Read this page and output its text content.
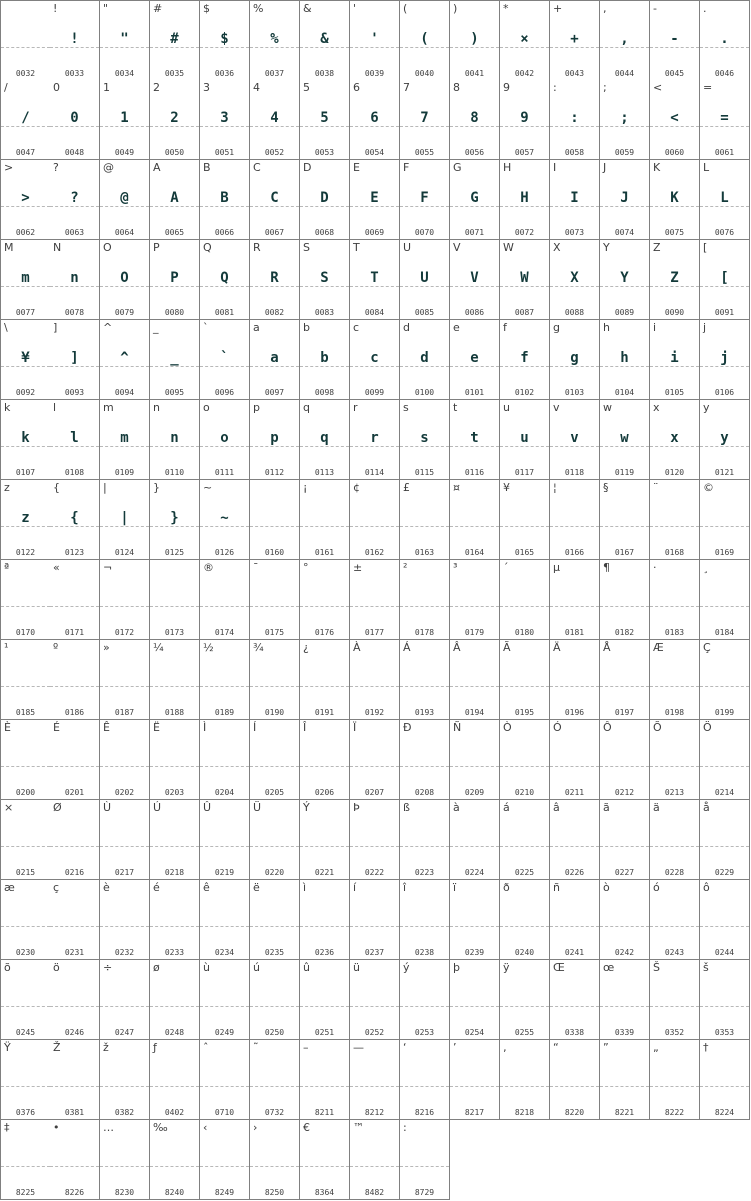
0032
!
!
0033
"
"
0034
#
#
0035
$
$
0036
%
%
0037
&
&
0038
'
'
0039
(
(
0040
)
)
0041
*
×
0042
+
+
0043
,
,
0044
-
-
0045
.
.
0046
/
/
0047
0
0
0048
1
1
0049
2
2
0050
3
3
0051
4
4
0052
5
5
0053
6
6
0054
7
7
0055
8
8
0056
9
9
0057
:
:
0058
;
;
0059
<
<
0060
=
=
0061
>
>
0062
?
?
0063
@
@
0064
A
A
0065
B
B
0066
C
C
0067
D
D
0068
E
E
0069
F
F
0070
G
G
0071
H
H
0072
I
I
0073
J
J
0074
K
K
0075
L
L
0076
M
m
0077
N
n
0078
O
O
0079
P
P
0080
Q
Q
0081
R
R
0082
S
S
0083
T
T
0084
U
U
0085
V
V
0086
W
W
0087
X
X
0088
Y
Y
0089
Z
Z
0090
[
[
0091
\
¥
0092
]
]
0093
^
^
0094
_
_
0095
`
`
0096
a
a
0097
b
b
0098
c
c
0099
d
d
0100
e
e
0101
f
f
0102
g
g
0103
h
h
0104
i
i
0105
j
j
0106
k
k
0107
l
l
0108
m
m
0109
n
n
0110
o
o
0111
p
p
0112
q
q
0113
r
r
0114
s
s
0115
t
t
0116
u
u
0117
v
v
0118
w
w
0119
x
x
0120
y
y
0121
z
z
0122
{
{
0123
|
|
0124
}
}
0125
~
~
0126	0160
¡
0161
¢
0162
£
0163
¤
0164
¥
0165
¦
0166
§
0167
¨
0168
©
0169
ª
0170
«
0171
¬
0172	0173
®
0174
¯
0175
°
0176
±
0177
²
0178
³
0179
´
0180
µ
0181
¶
0182
·
0183
¸
0184
¹
0185
º
0186
»
0187
¼
0188
½
0189
¾
0190
¿
0191
À
0192
Á
0193
Â
0194
Ã
0195
Ä
0196
Å
0197
Æ
0198
Ç
0199
È
0200
É
0201
Ê
0202
Ë
0203
Ì
0204
Í
0205
Î
0206
Ï
0207
Ð
0208
Ñ
0209
Ò
0210
Ó
0211
Ô
0212
Õ
0213
Ö
0214
×
0215
Ø
0216
Ù
0217
Ú
0218
Û
0219
Ü
0220
Ý
0221
Þ
0222
ß
0223
à
0224
á
0225
â
0226
ã
0227
ä
0228
å
0229
æ
0230
ç
0231
è
0232
é
0233
ê
0234
ë
0235
ì
0236
í
0237
î
0238
ï
0239
ð
0240
ñ
0241
ò
0242
ó
0243
ô
0244
õ
0245
ö
0246
÷
0247
ø
0248
ù
0249
ú
0250
û
0251
ü
0252
ý
0253
þ
0254
ÿ
0255
Œ
0338
œ
0339
Š
0352
š
0353
Ÿ
0376
Ž
0381
ž
0382
ƒ
0402
ˆ
0710
˜
0732
–
8211
—
8212
‘
8216
’
8217
‚
8218
“
8220
”
8221
„
8222
†
8224
‡
8225
•
8226
…
8230
‰
8240
‹
8249
›
8250
€
8364
™
8482
:
8729
